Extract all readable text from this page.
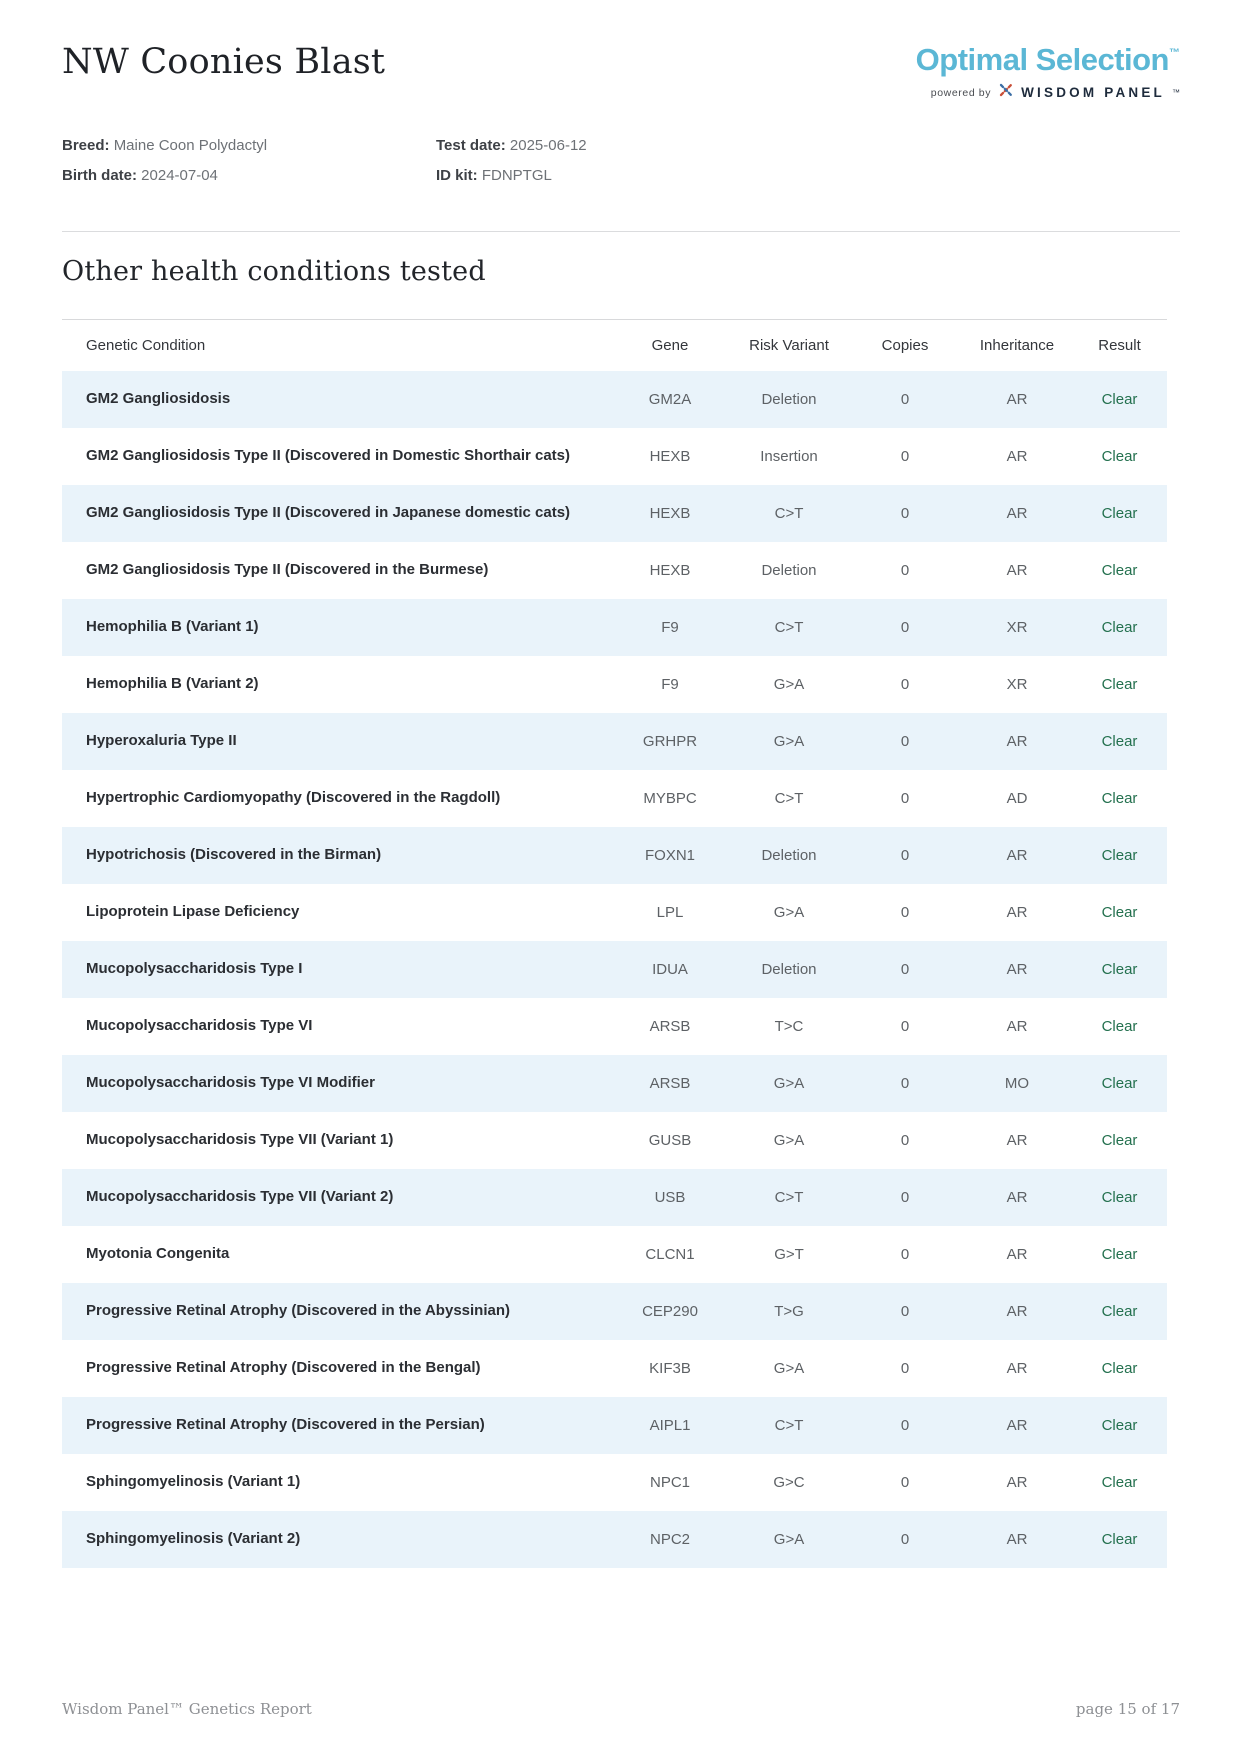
NW Coonies Blast	Optimal Selection™
powered by WISDOM PANEL ™
Breed: Maine Coon Polydactyl
Birth date: 2024-07-04
Test date: 2025-06-12
ID kit: FDNPTGL
Other health conditions tested
Genetic Condition	Gene	Risk Variant	Copies	Inheritance	Result
GM2 Gangliosidosis	GM2A	Deletion	0	AR	Clear
GM2 Gangliosidosis Type II (Discovered in Domestic Shorthair cats)	HEXB	Insertion	0	AR	Clear
GM2 Gangliosidosis Type II (Discovered in Japanese domestic cats)	HEXB	C>T	0	AR	Clear
GM2 Gangliosidosis Type II (Discovered in the Burmese)	HEXB	Deletion	0	AR	Clear
Hemophilia B (Variant 1)	F9	C>T	0	XR	Clear
Hemophilia B (Variant 2)	F9	G>A	0	XR	Clear
Hyperoxaluria Type II	GRHPR	G>A	0	AR	Clear
Hypertrophic Cardiomyopathy (Discovered in the Ragdoll)	MYBPC	C>T	0	AD	Clear
Hypotrichosis (Discovered in the Birman)	FOXN1	Deletion	0	AR	Clear
Lipoprotein Lipase Deficiency	LPL	G>A	0	AR	Clear
Mucopolysaccharidosis Type I	IDUA	Deletion	0	AR	Clear
Mucopolysaccharidosis Type VI	ARSB	T>C	0	AR	Clear
Mucopolysaccharidosis Type VI Modifier	ARSB	G>A	0	MO	Clear
Mucopolysaccharidosis Type VII (Variant 1)	GUSB	G>A	0	AR	Clear
Mucopolysaccharidosis Type VII (Variant 2)	USB	C>T	0	AR	Clear
Myotonia Congenita	CLCN1	G>T	0	AR	Clear
Progressive Retinal Atrophy (Discovered in the Abyssinian)	CEP290	T>G	0	AR	Clear
Progressive Retinal Atrophy (Discovered in the Bengal)	KIF3B	G>A	0	AR	Clear
Progressive Retinal Atrophy (Discovered in the Persian)	AIPL1	C>T	0	AR	Clear
Sphingomyelinosis (Variant 1)	NPC1	G>C	0	AR	Clear
Sphingomyelinosis (Variant 2)	NPC2	G>A	0	AR	Clear
Wisdom Panel™ Genetics Report	page 15 of 17
